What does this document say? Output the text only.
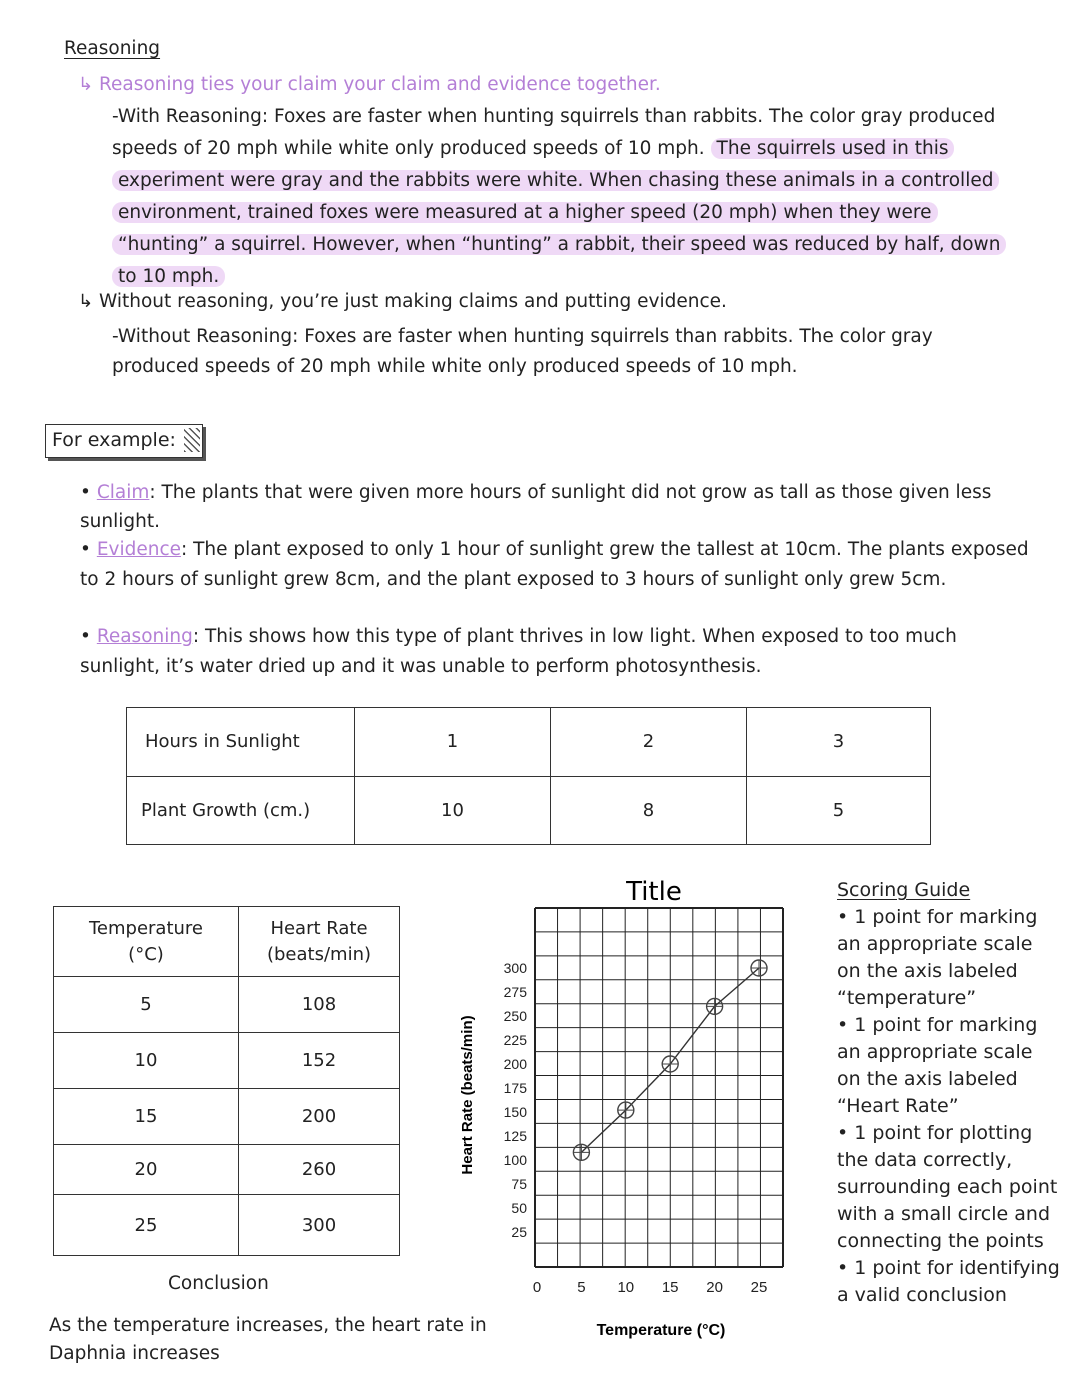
Reasoning
↳ Reasoning ties your claim your claim and evidence together.
-With Reasoning: Foxes are faster when hunting squirrels than rabbits. The color gray produced speeds of 20 mph while white only produced speeds of 10 mph. The squirrels used in this experiment were gray and the rabbits were white. When chasing these animals in a controlled environment, trained foxes were measured at a higher speed (20 mph) when they were “hunting” a squirrel. However, when “hunting” a rabbit, their speed was reduced by half, down to 10 mph.
↳ Without reasoning, you’re just making claims and putting evidence.
-Without Reasoning: Foxes are faster when hunting squirrels than rabbits. The color gray produced speeds of 20 mph while white only produced speeds of 10 mph.
For example:
• Claim: The plants that were given more hours of sunlight did not grow as tall as those given less sunlight.
• Evidence: The plant exposed to only 1 hour of sunlight grew the tallest at 10cm. The plants exposed to 2 hours of sunlight grew 8cm, and the plant exposed to 3 hours of sunlight only grew 5cm.
• Reasoning: This shows how this type of plant thrives in low light. When exposed to too much sunlight, it’s water dried up and it was unable to perform photosynthesis.
Hours in Sunlight	1	2	3
Plant Growth (cm.)	10	8	5
Temperature (°C)	Heart Rate (beats/min)
5	108
10	152
15	200
20	260
25	300
Conclusion
As the temperature increases, the heart rate in Daphnia increases
Title
25
50
75
100
125
150
175
200
225
250
275
300
0 5 10 15 20 25
Heart Rate (beats/min)
Temperature (°C)
Scoring Guide
• 1 point for marking an appropriate scale on the axis labeled “temperature”
• 1 point for marking an appropriate scale on the axis labeled “Heart Rate”
• 1 point for plotting the data correctly, surrounding each point with a small circle and connecting the points
• 1 point for identifying a valid conclusion
